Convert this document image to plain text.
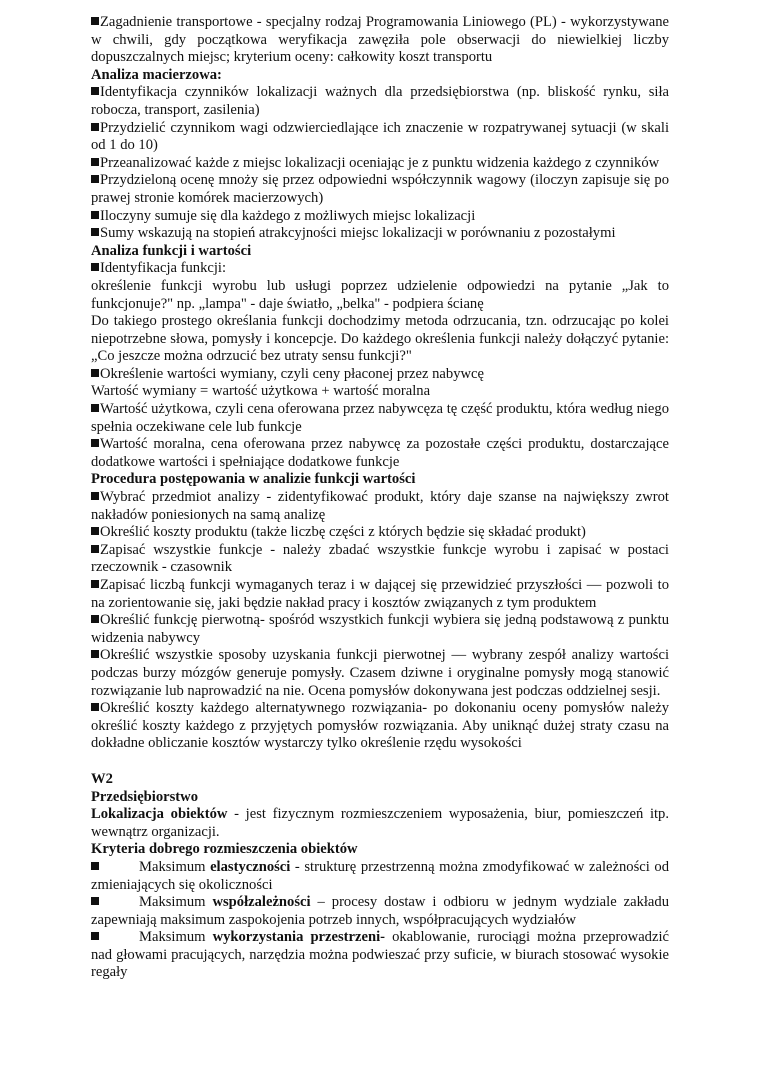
Zagadnienie transportowe - specjalny rodzaj Programowania Liniowego (PL) - wykorzystywane w chwili, gdy początkowa weryfikacja zawęziła pole obserwacji do niewielkiej liczby dopuszczalnych miejsc; kryterium oceny: całkowity koszt transportu

Analiza macierzowa:

Identyfikacja czynników lokalizacji ważnych dla przedsiębiorstwa (np. bliskość rynku, siła robocza, transport, zasilenia)

Przydzielić czynnikom wagi odzwierciedlające ich znaczenie w rozpatrywanej sytuacji (w skali od 1 do 10)

Przeanalizować każde z miejsc lokalizacji oceniając je z punktu widzenia każdego z czynników

Przydzieloną ocenę mnoży się przez odpowiedni współczynnik wagowy (iloczyn zapisuje się po prawej stronie komórek macierzowych)

Iloczyny sumuje się dla każdego z możliwych miejsc lokalizacji

Sumy wskazują na stopień atrakcyjności miejsc lokalizacji w porównaniu z pozostałymi

Analiza funkcji i wartości

Identyfikacja funkcji:

określenie funkcji wyrobu lub usługi poprzez udzielenie odpowiedzi na pytanie „Jak to funkcjonuje?" np. „lampa" - daje światło, „belka" - podpiera ścianę

Do takiego prostego określania funkcji dochodzimy metoda odrzucania, tzn. odrzucając po kolei niepotrzebne słowa, pomysły i koncepcje. Do każdego określenia funkcji należy dołączyć pytanie: „Co jeszcze można odrzucić bez utraty sensu funkcji?"

Określenie wartości wymiany, czyli ceny płaconej przez nabywcę

Wartość wymiany = wartość użytkowa + wartość moralna

Wartość użytkowa, czyli cena oferowana przez nabywcęza tę część produktu, która według niego spełnia oczekiwane cele lub funkcje

Wartość moralna, cena oferowana przez nabywcę za pozostałe części produktu, dostarczające dodatkowe wartości i spełniające dodatkowe funkcje

Procedura postępowania w analizie funkcji wartości

Wybrać przedmiot analizy - zidentyfikować produkt, który daje szanse na największy zwrot nakładów poniesionych na samą analizę

Określić koszty produktu (także liczbę części z których będzie się składać produkt)

Zapisać wszystkie funkcje - należy zbadać wszystkie funkcje wyrobu i zapisać w postaci rzeczownik - czasownik

Zapisać liczbą funkcji wymaganych teraz i w dającej się przewidzieć przyszłości — pozwoli to na zorientowanie się, jaki będzie nakład pracy i kosztów związanych z tym produktem

Określić funkcję pierwotną- spośród wszystkich funkcji wybiera się jedną podstawową z punktu widzenia nabywcy

Określić wszystkie sposoby uzyskania funkcji pierwotnej — wybrany zespół analizy wartości podczas burzy mózgów generuje pomysły. Czasem dziwne i oryginalne pomysły mogą stanowić rozwiązanie lub naprowadzić na nie. Ocena pomysłów dokonywana jest podczas oddzielnej sesji.

Określić koszty każdego alternatywnego rozwiązania- po dokonaniu oceny pomysłów należy określić koszty każdego z przyjętych pomysłów rozwiązania. Aby uniknąć dużej straty czasu na dokładne obliczanie kosztów wystarczy tylko określenie rzędu wysokości

W2

Przedsiębiorstwo

Lokalizacja obiektów - jest fizycznym rozmieszczeniem wyposażenia, biur, pomieszczeń itp. wewnątrz organizacji.

Kryteria dobrego rozmieszczenia obiektów

Maksimum elastyczności - strukturę przestrzenną można zmodyfikować w zależności od zmieniających się okoliczności

Maksimum współzależności – procesy dostaw i odbioru w jednym wydziale zakładu zapewniają maksimum zaspokojenia potrzeb innych, współpracujących wydziałów

Maksimum wykorzystania przestrzeni- okablowanie, rurociągi można przeprowadzić nad głowami pracujących, narzędzia można podwieszać przy suficie, w biurach stosować wysokie regały
